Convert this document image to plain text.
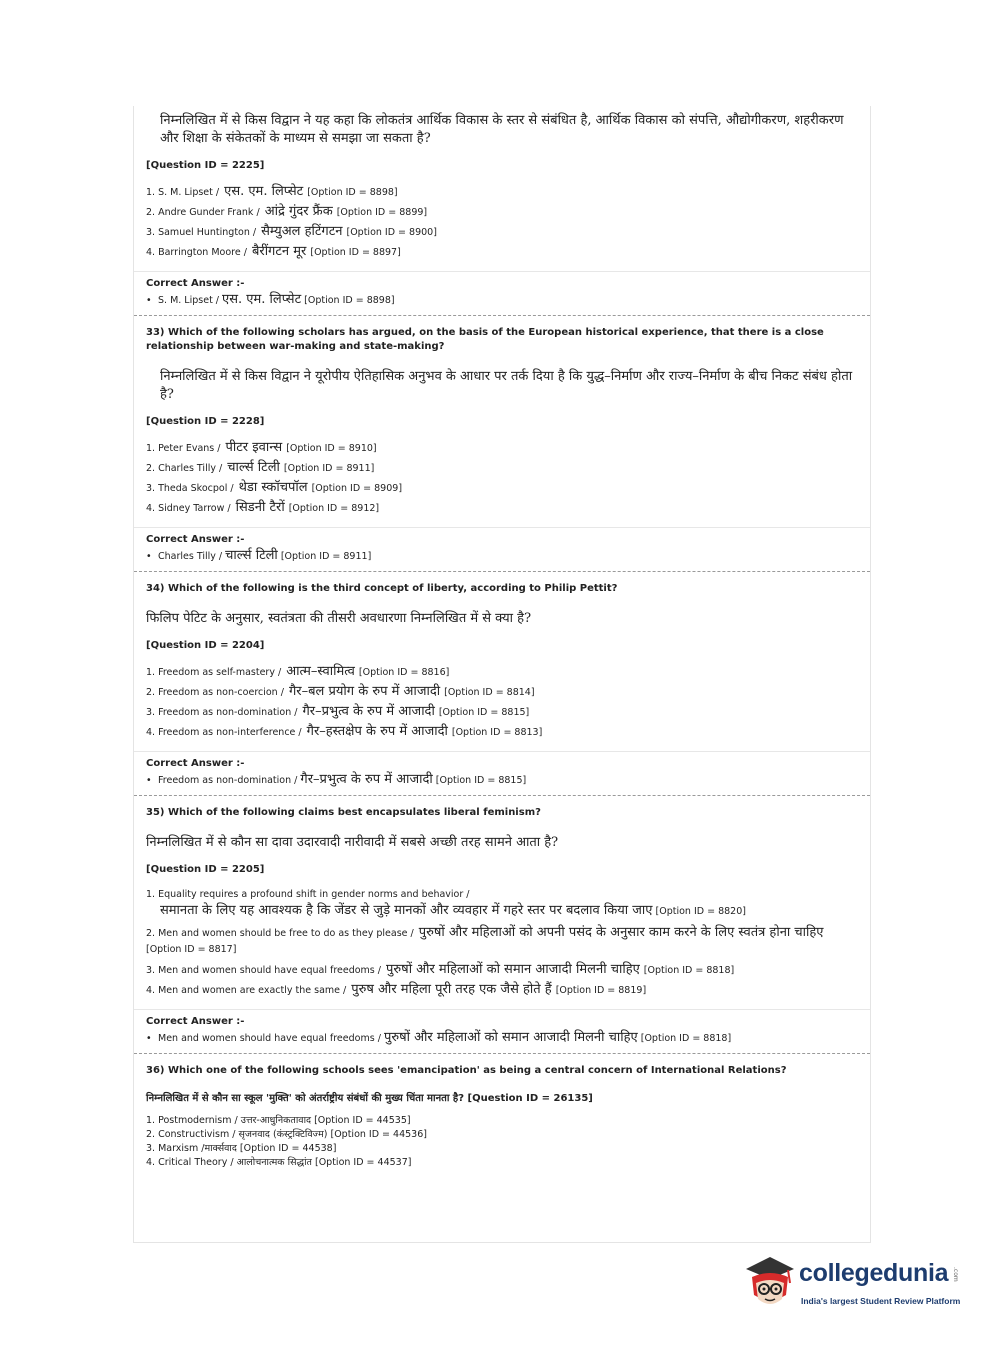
निम्नलिखित में से किस विद्वान ने यह कहा कि लोकतंत्र आर्थिक विकास के स्तर से संबंधित है, आर्थिक विकास को संपत्ति, औद्योगीकरण, शहरीकरण और शिक्षा के संकेतकों के माध्यम से समझा जा सकता है?
[Question ID = 2225]
1. S. M. Lipset / एस. एम. लिप्सेट [Option ID = 8898]
2. Andre Gunder Frank / आंद्रे गुंदर फ्रैंक [Option ID = 8899]
3. Samuel Huntington / सैम्युअल हटिंगटन [Option ID = 8900]
4. Barrington Moore / बैरींगटन मूर [Option ID = 8897]
Correct Answer :-
• S. M. Lipset / एस. एम. लिप्सेट [Option ID = 8898]
33) Which of the following scholars has argued, on the basis of the European historical experience, that there is a close relationship between war-making and state-making?
निम्नलिखित में से किस विद्वान ने यूरोपीय ऐतिहासिक अनुभव के आधार पर तर्क दिया है कि युद्ध–निर्माण और राज्य–निर्माण के बीच निकट संबंध होता है?
[Question ID = 2228]
1. Peter Evans / पीटर इवान्स [Option ID = 8910]
2. Charles Tilly / चार्ल्स टिली [Option ID = 8911]
3. Theda Skocpol / थेडा स्कॉचपॉल [Option ID = 8909]
4. Sidney Tarrow / सिडनी टैरों [Option ID = 8912]
Correct Answer :-
• Charles Tilly / चार्ल्स टिली [Option ID = 8911]
34) Which of the following is the third concept of liberty, according to Philip Pettit?
फिलिप पेटिट के अनुसार, स्वतंत्रता की तीसरी अवधारणा निम्नलिखित में से क्या है?
[Question ID = 2204]
1. Freedom as self-mastery / आत्म–स्वामित्व [Option ID = 8816]
2. Freedom as non-coercion / गैर–बल प्रयोग के रुप में आजादी [Option ID = 8814]
3. Freedom as non-domination / गैर–प्रभुत्व के रुप में आजादी [Option ID = 8815]
4. Freedom as non-interference / गैर–हस्तक्षेप के रुप में आजादी [Option ID = 8813]
Correct Answer :-
• Freedom as non-domination / गैर–प्रभुत्व के रुप में आजादी [Option ID = 8815]
35) Which of the following claims best encapsulates liberal feminism?
निम्नलिखित में से कौन सा दावा उदारवादी नारीवादी में सबसे अच्छी तरह सामने आता है?
[Question ID = 2205]
1. Equality requires a profound shift in gender norms and behavior /
समानता के लिए यह आवश्यक है कि जेंडर से जुड़े मानकों और व्यवहार में गहरे स्तर पर बदलाव किया जाए [Option ID = 8820]
2. Men and women should be free to do as they please / पुरुषों और महिलाओं को अपनी पसंद के अनुसार काम करने के लिए स्वतंत्र होना चाहिए
[Option ID = 8817]
3. Men and women should have equal freedoms / पुरुषों और महिलाओं को समान आजादी मिलनी चाहिए [Option ID = 8818]
4. Men and women are exactly the same / पुरुष और महिला पूरी तरह एक जैसे होते हैं [Option ID = 8819]
Correct Answer :-
• Men and women should have equal freedoms / पुरुषों और महिलाओं को समान आजादी मिलनी चाहिए [Option ID = 8818]
36) Which one of the following schools sees 'emancipation' as being a central concern of International Relations?
निम्नलिखित में से कौन सा स्कूल 'मुक्ति' को अंतर्राष्ट्रीय संबंधों की मुख्य चिंता मानता है? [Question ID = 26135]
1. Postmodernism / उत्तर-आधुनिकतावाद [Option ID = 44535]
2. Constructivism / सृजनवाद (कंस्ट्रक्टिविज्म) [Option ID = 44536]
3. Marxism /मार्क्सवाद [Option ID = 44538]
4. Critical Theory / आलोचनात्मक सिद्धांत [Option ID = 44537]
collegedunia .com
India's largest Student Review Platform
